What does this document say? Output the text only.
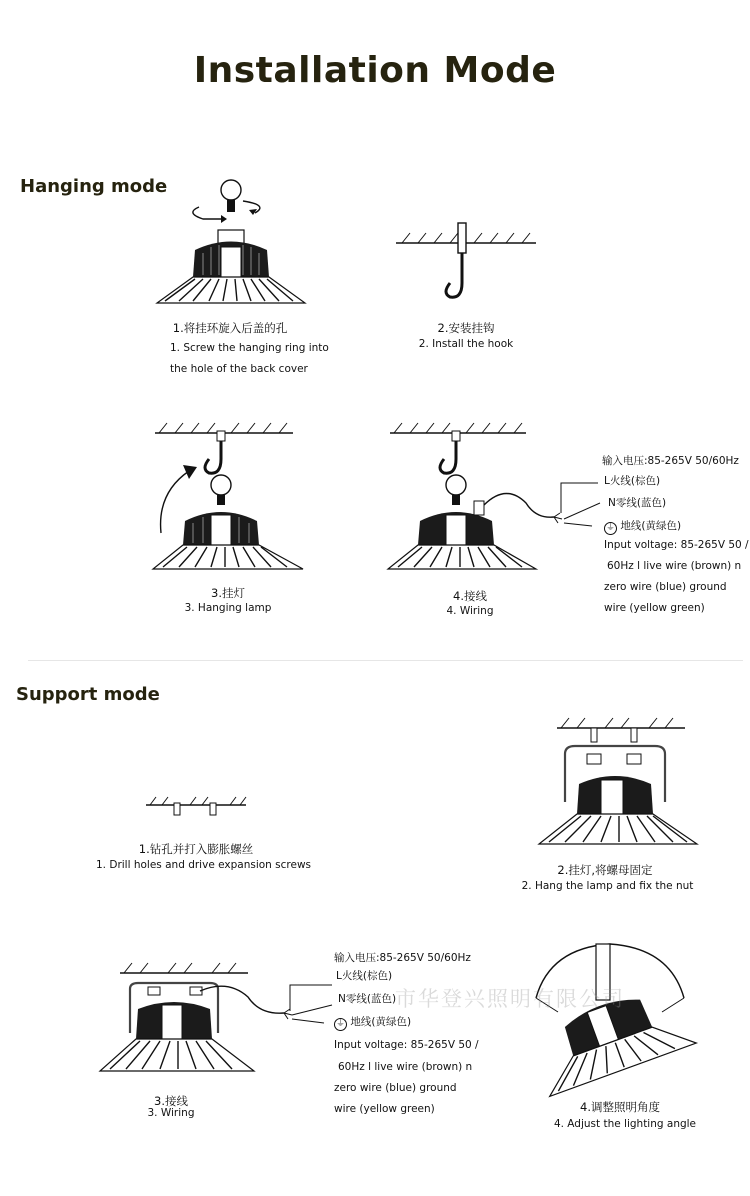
Installation Mode
Hanging mode
1.将挂环旋入后盖的孔
1. Screw the hanging ring into
the hole of the back cover
2.安装挂钩
2. Install the hook
3.挂灯
3. Hanging lamp
4.接线
4. Wiring
输入电压:85-265V 50/60Hz
L火线(棕色)
N零线(蓝色)
⏚ 地线(黄绿色)
Input voltage: 85-265V 50 /
60Hz l live wire (brown) n
zero wire (blue) ground
wire (yellow green)
Support mode
1.钻孔并打入膨胀螺丝
1. Drill holes and drive expansion screws	2.挂灯,将螺母固定
2. Hang the lamp and fix the nut
3.接线
3. Wiring
输入电压:85-265V 50/60Hz
L火线(棕色)
N零线(蓝色)
⏚ 地线(黄绿色)
Input voltage: 85-265V 50 /
60Hz l live wire (brown) n
zero wire (blue) ground
wire (yellow green)	4.调整照明角度
4. Adjust the lighting angle
市华登兴照明有限公司
